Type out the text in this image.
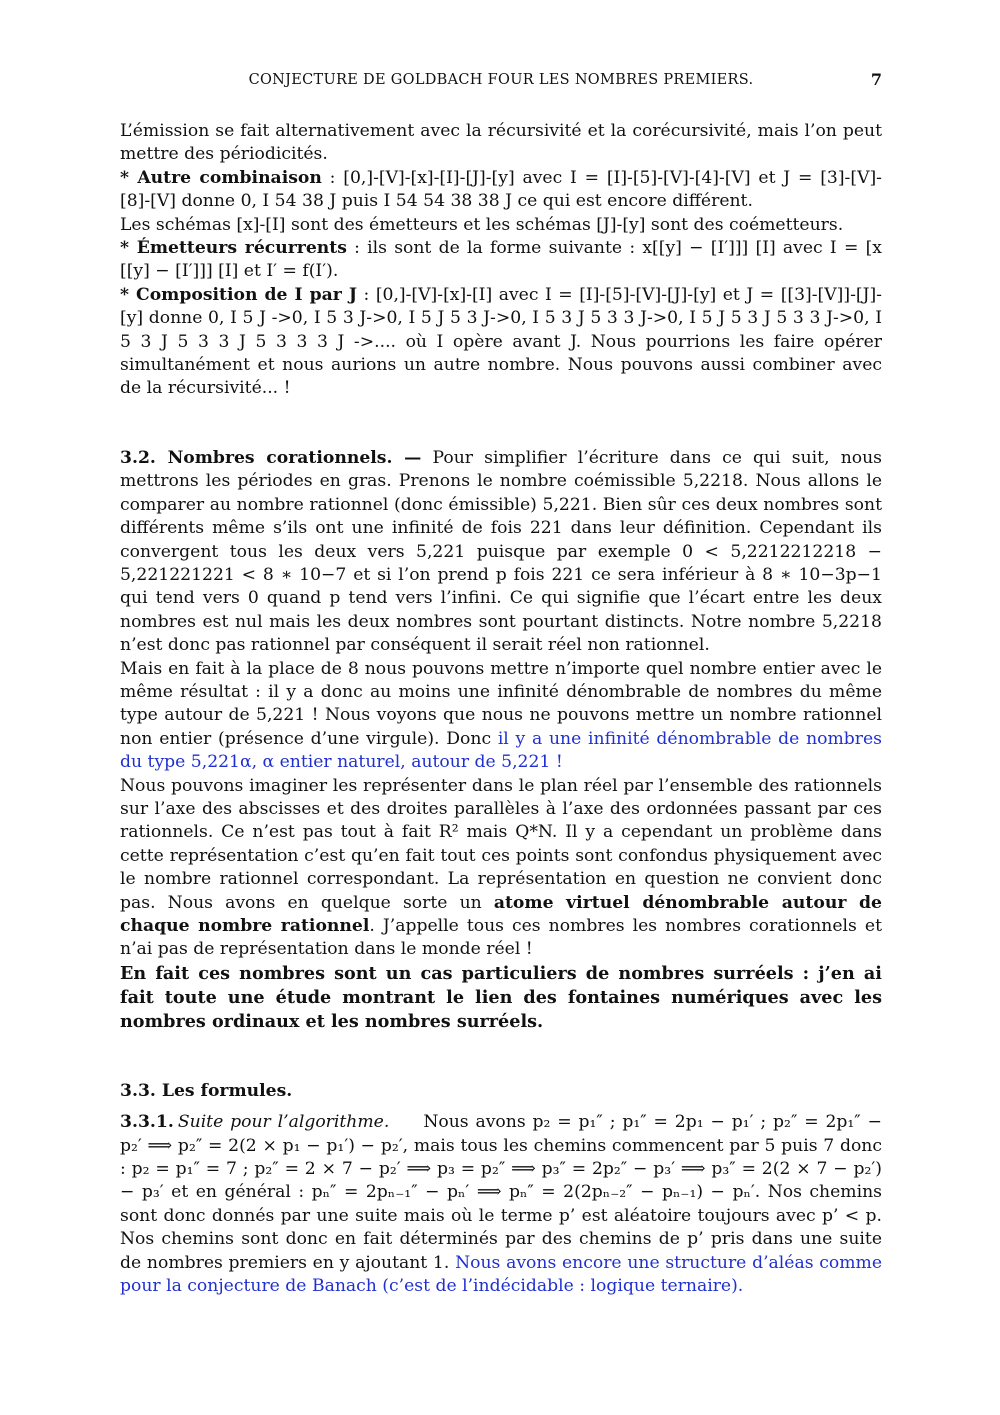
CONJECTURE DE GOLDBACH FOUR LES NOMBRES PREMIERS.	7

L’émission se fait alternativement avec la récursivité et la corécursivité, mais l’on peut mettre des périodicités.

* Autre combinaison : [0,]-[V]-[x]-[I]-[J]-[y] avec I = [I]-[5]-[V]-[4]-[V] et J = [3]-[V]-[8]-[V] donne 0, I 54 38 J puis I 54 54 38 38 J ce qui est encore différent.

Les schémas [x]-[I] sont des émetteurs et les schémas [J]-[y] sont des coémetteurs.

* Émetteurs récurrents : ils sont de la forme suivante : x[[y] − [I′]]] [I] avec I = [x [[y] − [I′]]] [I] et I′ = f(I′).

* Composition de I par J : [0,]-[V]-[x]-[I] avec I = [I]-[5]-[V]-[J]-[y] et J = [[3]-[V]]-[J]-[y] donne 0, I 5 J ->0, I 5 3 J->0, I 5 J 5 3 J->0, I 5 3 J 5 3 3 J->0, I 5 J 5 3 J 5 3 3 J->0, I 5 3 J 5 3 3 J 5 3 3 3 J ->.... où I opère avant J. Nous pourrions les faire opérer simultanément et nous aurions un autre nombre. Nous pouvons aussi combiner avec de la récursivité... !

3.2. Nombres corationnels. — Pour simplifier l’écriture dans ce qui suit, nous mettrons les périodes en gras. Prenons le nombre coémissible 5,2218. Nous allons le comparer au nombre rationnel (donc émissible) 5,221. Bien sûr ces deux nombres sont différents même s’ils ont une infinité de fois 221 dans leur définition. Cependant ils convergent tous les deux vers 5,221 puisque par exemple 0 < 5,2212212218 − 5,221221221 < 8 ∗ 10−7 et si l’on prend p fois 221 ce sera inférieur à 8 ∗ 10−3p−1 qui tend vers 0 quand p tend vers l’infini. Ce qui signifie que l’écart entre les deux nombres est nul mais les deux nombres sont pourtant distincts. Notre nombre 5,2218 n’est donc pas rationnel par conséquent il serait réel non rationnel.

Mais en fait à la place de 8 nous pouvons mettre n’importe quel nombre entier avec le même résultat : il y a donc au moins une infinité dénombrable de nombres du même type autour de 5,221 ! Nous voyons que nous ne pouvons mettre un nombre rationnel non entier (présence d’une virgule). Donc il y a une infinité dénombrable de nombres du type 5,221α, α entier naturel, autour de 5,221 !

Nous pouvons imaginer les représenter dans le plan réel par l’ensemble des rationnels sur l’axe des abscisses et des droites parallèles à l’axe des ordonnées passant par ces rationnels. Ce n’est pas tout à fait R² mais Q*N. Il y a cependant un problème dans cette représentation c’est qu’en fait tout ces points sont confondus physiquement avec le nombre rationnel correspondant. La représentation en question ne convient donc pas. Nous avons en quelque sorte un atome virtuel dénombrable autour de chaque nombre rationnel. J’appelle tous ces nombres les nombres corationnels et n’ai pas de représentation dans le monde réel !

En fait ces nombres sont un cas particuliers de nombres surréels : j’en ai fait toute une étude montrant le lien des fontaines numériques avec les nombres ordinaux et les nombres surréels.

3.3. Les formules.

3.3.1. Suite pour l’algorithme. Nous avons p₂ = p₁″ ; p₁″ = 2p₁ − p₁′ ; p₂″ = 2p₁″ − p₂′ ⟹ p₂″ = 2(2 × p₁ − p₁′) − p₂′, mais tous les chemins commencent par 5 puis 7 donc : p₂ = p₁″ = 7 ; p₂″ = 2 × 7 − p₂′ ⟹ p₃ = p₂″ ⟹ p₃″ = 2p₂″ − p₃′ ⟹ p₃″ = 2(2 × 7 − p₂′) − p₃′ et en général : pₙ″ = 2pₙ₋₁″ − pₙ′ ⟹ pₙ″ = 2(2pₙ₋₂″ − pₙ₋₁) − pₙ′. Nos chemins sont donc donnés par une suite mais où le terme p’ est aléatoire toujours avec p’ < p. Nos chemins sont donc en fait déterminés par des chemins de p’ pris dans une suite de nombres premiers en y ajoutant 1. Nous avons encore une structure d’aléas comme pour la conjecture de Banach (c’est de l’indécidable : logique ternaire).
